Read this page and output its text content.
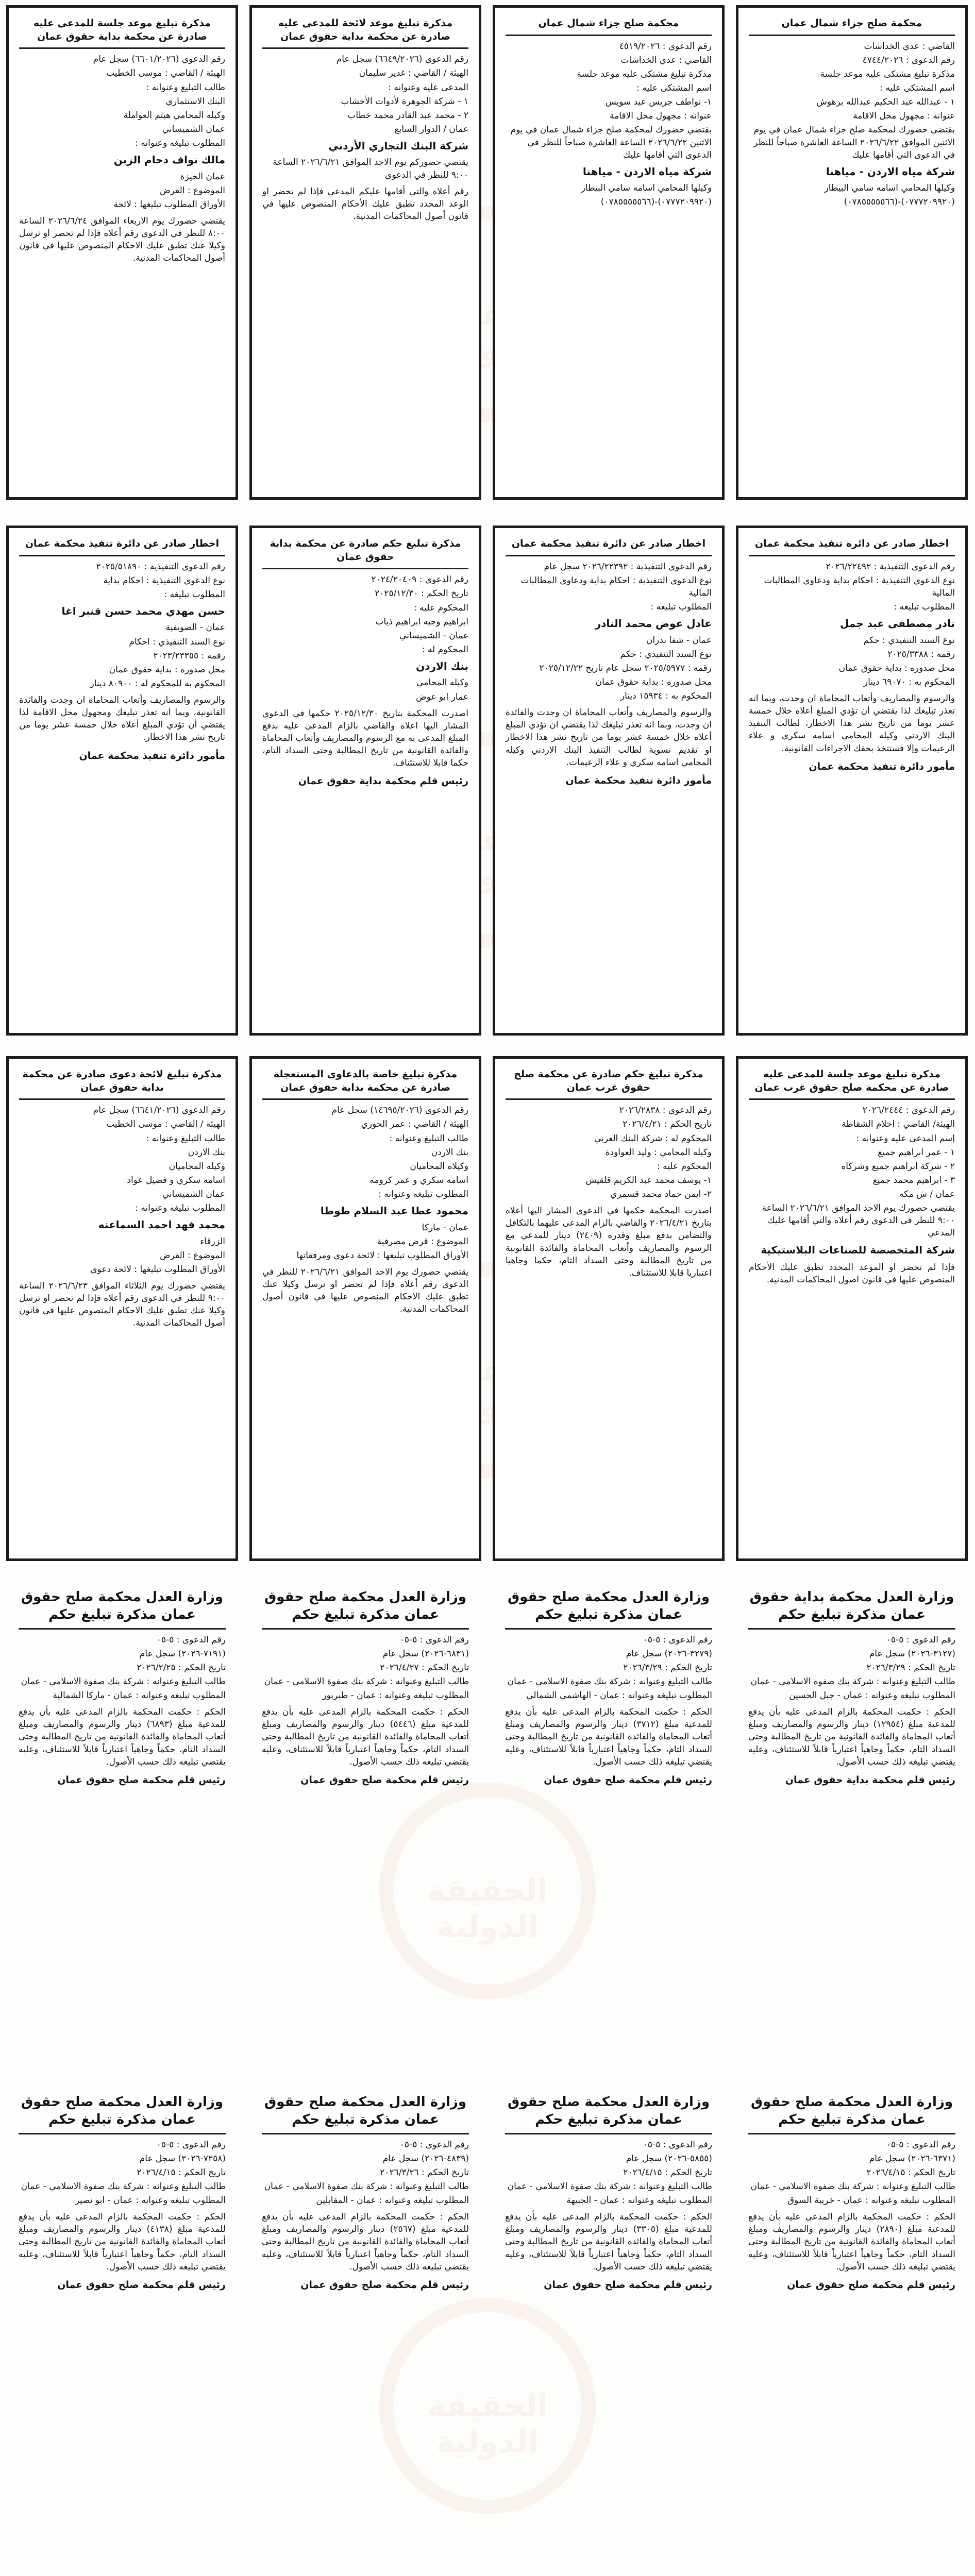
الحقيقة الدولية
الحقيقة الدولية
الحقيقة الدولية
الحقيقة الدولية
الحقيقة الدولية
مذكرة تبليغ موعد جلسة للمدعى عليه صادرة عن محكمة بداية حقوق عمان
رقم الدعوى (٦٦٠١/٢٠٢٦) سجل عام
الهيئة / القاضي : موسى الخطيب
طالب التبليغ وعنوانه :
البنك الاستثماري
وكيله المحامي هيثم العواملة
عمان الشميساني
المطلوب تبليغه وعنوانه :
مالك نواف دحام الزبن
عمان الجيزة
الموضوع : القرض
الأوراق المطلوب تبليغها : لائحة
يقتضي حضورك يوم الاربعاء الموافق ٢٠٢٦/٦/٢٤ الساعة ٨:٠٠ للنظر في الدعوى رقم أعلاه فإذا لم تحضر او ترسل وكيلا عنك تطبق عليك الاحكام المنصوص عليها في قانون أصول المحاكمات المدنية.
مذكرة تبليغ موعد لائحة للمدعى عليه صادرة عن محكمة بداية حقوق عمان
رقم الدعوى (٦٦٤٩/٢٠٢٦) سجل عام
الهيئة / القاضي : غدير سليمان
المدعى عليه وعنوانه :
١ - شركة الجوهرة لأدوات الأخشاب
٢ - محمد عبد القادر محمد خطاب
عمان / الدوار السابع
شركة البنك التجاري الأردني
يقتضي حضوركم يوم الاحد الموافق ٢٠٢٦/٦/٢١ الساعة ٩:٠٠ للنظر في الدعوى
رقم أعلاه والتي أقامها عليكم المدعي فإذا لم تحضر او الوعد المحدد تطبق عليك الأحكام المنصوص عليها في قانون أصول المحاكمات المدنية.
محكمة صلح جزاء شمال عمان
رقم الدعوى : ٤٥١٩/٢٠٢٦
القاضي : عدي الخداشات
مذكرة تبليغ مشتكى عليه موعد جلسة
اسم المشتكى عليه :
١- نواطف جريس عبد سويس
عنوانه : مجهول محل الاقامة
بقتضي حضورك لمحكمة صلح جزاء شمال عمان في يوم الاثنين ٢٠٢٦/٦/٢٢ الساعة العاشرة صباحاً للنظر في الدعوى التي أقامها عليك
شركة مياه الاردن - مياهنا
وكيلها المحامي اسامه سامي البيطار
(٠٧٧٧٢٠٩٩٢٠)-(٠٧٨٥٥٥٥٥٦٦)
محكمة صلح جزاء شمال عمان
القاضي : عدي الخداشات
رقم الدعوى : ٤٧٤٤/٢٠٢٦
مذكرة تبليغ مشتكى عليه موعد جلسة
اسم المشتكى عليه :
١ - عبدالله عبد الحكيم عبدالله برهوش
عنوانه : مجهول محل الاقامة
بقتضي حضورك لمحكمة صلح جزاء شمال عمان في يوم الاثنين الموافق ٢٠٢٦/٦/٢٢ الساعة العاشرة صباحاً للنظر في الدعوى التي أقامها عليك
شركة مياه الاردن - مياهنا
وكيلها المحامي اسامه سامي البيطار
(٠٧٧٧٢٠٩٩٢٠)-(٠٧٨٥٥٥٥٥٦٦)
اخطار صادر عن دائرة تنفيذ محكمة عمان
رقم الدعوى التنفيذية : ٢٠٢٥/٥١٨٩٠
نوع الدعوى التنفيذية : احكام بداية
المطلوب تبليغه :
حسن مهدي محمد حسن قنبر اغا
عمان - الصويفية
نوع السند التنفيذي : احكام
رقمه : ٢٠٢٣/٢٣٣٥٥
محل صدوره : بداية حقوق عمان
المحكوم به للمحكوم له : ٨٠٩٠٠ دينار
والرسوم والمصاريف وأتعاب المحاماة ان وجدت والفائدة القانونية، وبما انه تعذر تبليغك ومجهول محل الاقامة لذا يقتضي أن تؤدي المبلغ أعلاه خلال خمسة عشر يوما من تاريخ نشر هذا الاخطار.
مأمور دائرة تنفيذ محكمة عمان
مذكرة تبليغ حكم صادرة عن محكمة بداية حقوق عمان
رقم الدعوى : ٢٠٢٤/٢٠٤٠٩
تاريخ الحكم : ٢٠٢٥/١٢/٣٠
المحكوم عليه :
ابراهيم وجيه ابراهيم ذياب
عمان - الشميساني
المحكوم له :
بنك الاردن
وكيله المحامي
عمار ابو عوض
اصدرت المحكمة بتاريخ ٢٠٢٥/١٢/٣٠ حكمها في الدعوى المشار اليها اعلاه والقاضي بالزام المدعى عليه بدفع المبلغ المدعى به مع الرسوم والمصاريف وأتعاب المحاماة والفائدة القانونية من تاريخ المطالبة وحتى السداد التام، حكما قابلا للاستئناف.
رئيس قلم محكمة بداية حقوق عمان
اخطار صادر عن دائرة تنفيذ محكمة عمان
رقم الدعوى التنفيذية : ٢٠٢٦/٢٢٣٩٢ سجل عام
نوع الدعوى التنفيذية : احكام بداية ودعاوى المطالبات المالية
المطلوب تبليغه :
عادل عوض محمد النادر
عمان - شفا بدران
نوع السند التنفيذي : حكم
رقمه : ٢٠٢٥/٥٩٧٧ سجل عام تاريخ ٢٠٢٥/١٢/٢٢
محل صدوره : بداية حقوق عمان
المحكوم به : ١٥٩٣٤ دينار
والرسوم والمصاريف وأتعاب المحاماة ان وجدت والفائدة ان وجدت، وبما انه تعذر تبليغك لذا يقتضي ان تؤدي المبلغ أعلاه خلال خمسة عشر يوما من تاريخ نشر هذا الاخطار او تقديم تسوية لطالب التنفيذ البنك الاردني وكيله المحامي اسامه سكري و علاء الرعيمات.
مأمور دائرة تنفيذ محكمة عمان
اخطار صادر عن دائرة تنفيذ محكمة عمان
رقم الدعوى التنفيذية : ٢٠٢٦/٢٢٤٩٢
نوع الدعوى التنفيذية : احكام بداية ودعاوى المطالبات المالية
المطلوب تبليغه :
نادر مصطفى عبد جمل
نوع السند التنفيذي : حكم
رقمه : ٢٠٢٥/٣٣٨٨
محل صدوره : بداية حقوق عمان
المحكوم به : ٦٩٠٧٠ دينار
والرسوم والمصاريف وأتعاب المحاماة ان وجدت، وبما انه تعذر تبليغك لذا يقتضي أن تؤدي المبلغ أعلاه خلال خمسة عشر يوما من تاريخ نشر هذا الاخطار، لطالب التنفيذ البنك الاردني وكيله المحامي اسامه سكري و علاء الرعيمات وإلا فستتخذ بحقك الاجراءات القانونية.
مأمور دائرة تنفيذ محكمة عمان
مذكرة تبليغ لائحة دعوى صادرة عن محكمة بداية حقوق عمان
رقم الدعوى (٦٦٤١/٢٠٢٦) سجل عام
الهيئة / القاضي : موسى الخطيب
طالب التبليغ وعنوانه :
بنك الاردن
وكيله المحاميان
اسامه سكري و فضيل عواد
عمان الشميساني
المطلوب تبليغه وعنوانه :
محمد فهد احمد السماعنه
الزرقاء
الموضوع : القرض
الأوراق المطلوب تبليغها : لائحة دعوى
يقتضي حضورك يوم الثلاثاء الموافق ٢٠٢٦/٦/٢٣ الساعة ٩:٠٠ للنظر في الدعوى رقم أعلاه فإذا لم تحضر او ترسل وكيلا عنك تطبق عليك الاحكام المنصوص عليها في قانون أصول المحاكمات المدنية.
مذكرة تبليغ خاصة بالدعاوى المستعجلة صادرة عن محكمة بداية حقوق عمان
رقم الدعوى (١٤٦٩٥/٢٠٢٦) سجل عام
الهيئة / القاضي : عمر الحوري
طالب التبليغ وعنوانه :
بنك الاردن
وكيلاه المحاميان
اسامه سكري و عمر كرومه
المطلوب تبليغه وعنوانه :
محمود عطا عبد السلام طوطا
عمان - ماركا
الموضوع : قرض مصرفية
الأوراق المطلوب تبليغها : لائحة دعوى ومرفقاتها
يقتضي حضورك يوم الاحد الموافق ٢٠٢٦/٦/٢١ للنظر في الدعوى رقم أعلاه فإذا لم تحضر او ترسل وكيلا عنك تطبق عليك الاحكام المنصوص عليها في قانون أصول المحاكمات المدنية.
مذكرة تبليغ حكم صادرة عن محكمة صلح حقوق غرب عمان
رقم الدعوى : ٢٠٢٦/٢٨٣٨
تاريخ الحكم : ٢٠٢٦/٤/٢١
المحكوم له : شركة البنك العربي
وكيله المحامي : وليد العواودة
المحكوم عليه :
١- يوسف محمد عبد الكريم قلقيش
٢- ايمن حماد محمد قسمري
اصدرت المحكمة حكمها في الدعوى المشار اليها أعلاه بتاريخ ٢٠٢٦/٤/٢١ والقاضي بالزام المدعى عليهما بالتكافل والتضامن بدفع مبلغ وقدره (٢٤٠٩) دينار للمدعي مع الرسوم والمصاريف وأتعاب المحاماة والفائدة القانونية من تاريخ المطالبة وحتى السداد التام، حكما وجاهيا اعتباريا قابلا للاستئناف.
مذكرة تبليغ موعد جلسة للمدعى عليه صادرة عن محكمة صلح حقوق غرب عمان
رقم الدعوى : ٢٠٢٦/٢٤٤٤
الهيئة/ القاضي : احلام الشقاطة
إسم المدعى عليه وعنوانه :
١ - عمر ابراهيم جميع
٢ - شركة ابراهيم جميع وشركاه
٣ - ابراهيم محمد جميع
عمان / ش مكه
يقتضي حضورك يوم الاحد الموافق ٢٠٢٦/٦/٢١ الساعة ٩:٠٠ للنظر في الدعوى رقم أعلاه والتي أقامها عليك المدعي
شركة المتخصصة للصناعات البلاستيكية
فإذا لم تحضر او الموعد المحدد تطبق عليك الأحكام المنصوص عليها في قانون اصول المحاكمات المدنية.
وزارة العدل محكمة صلح حقوق عمان مذكرة تبليغ حكم
رقم الدعوى : ٥-٠٥
(٧١٩١-٢٠٢٦) سجل عام
تاريخ الحكم : ٢٠٢٦/٢/٢٥
طالب التبليغ وعنوانه : شركة بنك صفوة الاسلامي - عمان
المطلوب تبليغه وعنوانه : عمان - ماركا الشمالية
الحكم : حكمت المحكمة بالزام المدعى عليه بأن يدفع للمدعية مبلغ (٦٨٩٣) دينار والرسوم والمصاريف ومبلغ أتعاب المحاماة والفائدة القانونية من تاريخ المطالبة وحتى السداد التام، حكماً وجاهياً اعتبارياً قابلاً للاستئناف، وعليه يقتضي تبليغه ذلك حسب الأصول.
رئيس قلم محكمة صلح حقوق عمان
وزارة العدل محكمة صلح حقوق عمان مذكرة تبليغ حكم
رقم الدعوى : ٥-٠٥
(٦٨٣١-٢٠٢٦) سجل عام
تاريخ الحكم : ٢٠٢٦/٤/٢٧
طالب التبليغ وعنوانه : شركة بنك صفوة الاسلامي - عمان
المطلوب تبليغه وعنوانه : عمان - طبربور
الحكم : حكمت المحكمة بالزام المدعى عليه بأن يدفع للمدعية مبلغ (٥٤٤٦) دينار والرسوم والمصاريف ومبلغ أتعاب المحاماة والفائدة القانونية من تاريخ المطالبة وحتى السداد التام، حكماً وجاهياً اعتبارياً قابلاً للاستئناف، وعليه يقتضي تبليغه ذلك حسب الأصول.
رئيس قلم محكمة صلح حقوق عمان
وزارة العدل محكمة صلح حقوق عمان مذكرة تبليغ حكم
رقم الدعوى : ٥-٠٥
(٣٢٧٩-٢٠٢٦) سجل عام
تاريخ الحكم : ٢٠٢٦/٣/٢٩
طالب التبليغ وعنوانه : شركة بنك صفوة الاسلامي - عمان
المطلوب تبليغه وعنوانه : عمان - الهاشمي الشمالي
الحكم : حكمت المحكمة بالزام المدعى عليه بأن يدفع للمدعية مبلغ (٣٧١٢) دينار والرسوم والمصاريف ومبلغ أتعاب المحاماة والفائدة القانونية من تاريخ المطالبة وحتى السداد التام، حكماً وجاهياً اعتبارياً قابلاً للاستئناف، وعليه يقتضي تبليغه ذلك حسب الأصول.
رئيس قلم محكمة صلح حقوق عمان
وزارة العدل محكمة بداية حقوق عمان مذكرة تبليغ حكم
رقم الدعوى : ٥-٠٥
(٣١٢٧-٢٠٢٦) سجل عام
تاريخ الحكم : ٢٠٢٦/٣/٢٩
طالب التبليغ وعنوانه : شركة بنك صفوة الاسلامي - عمان
المطلوب تبليغه وعنوانه : عمان - جبل الحسين
الحكم : حكمت المحكمة بالزام المدعى عليه بأن يدفع للمدعية مبلغ (١٢٩٥٤) دينار والرسوم والمصاريف ومبلغ أتعاب المحاماة والفائدة القانونية من تاريخ المطالبة وحتى السداد التام، حكماً وجاهياً اعتبارياً قابلاً للاستئناف، وعليه يقتضي تبليغه ذلك حسب الأصول.
رئيس قلم محكمة بداية حقوق عمان
وزارة العدل محكمة صلح حقوق عمان مذكرة تبليغ حكم
رقم الدعوى : ٥-٠٥
(٧٢٥٨-٢٠٢٦) سجل عام
تاريخ الحكم : ٢٠٢٦/٤/١٥
طالب التبليغ وعنوانه : شركة بنك صفوة الاسلامي - عمان
المطلوب تبليغه وعنوانه : عمان - ابو نصير
الحكم : حكمت المحكمة بالزام المدعى عليه بأن يدفع للمدعية مبلغ (٤١٣٨) دينار والرسوم والمصاريف ومبلغ أتعاب المحاماة والفائدة القانونية من تاريخ المطالبة وحتى السداد التام، حكماً وجاهياً اعتبارياً قابلاً للاستئناف، وعليه يقتضي تبليغه ذلك حسب الأصول.
رئيس قلم محكمة صلح حقوق عمان
وزارة العدل محكمة صلح حقوق عمان مذكرة تبليغ حكم
رقم الدعوى : ٥-٠٥
(٤٨٣٩-٢٠٢٦) سجل عام
تاريخ الحكم : ٢٠٢٦/٣/٢٦
طالب التبليغ وعنوانه : شركة بنك صفوة الاسلامي - عمان
المطلوب تبليغه وعنوانه : عمان - المقابلين
الحكم : حكمت المحكمة بالزام المدعى عليه بأن يدفع للمدعية مبلغ (٢٥٦٧) دينار والرسوم والمصاريف ومبلغ أتعاب المحاماة والفائدة القانونية من تاريخ المطالبة وحتى السداد التام، حكماً وجاهياً اعتبارياً قابلاً للاستئناف، وعليه يقتضي تبليغه ذلك حسب الأصول.
رئيس قلم محكمة صلح حقوق عمان
وزارة العدل محكمة صلح حقوق عمان مذكرة تبليغ حكم
رقم الدعوى : ٥-٠٥
(٥٨٥٥-٢٠٢٦) سجل عام
تاريخ الحكم : ٢٠٢٦/٤/١٥
طالب التبليغ وعنوانه : شركة بنك صفوة الاسلامي - عمان
المطلوب تبليغه وعنوانه : عمان - الجبيهة
الحكم : حكمت المحكمة بالزام المدعى عليه بأن يدفع للمدعية مبلغ (٣٣٠٥) دينار والرسوم والمصاريف ومبلغ أتعاب المحاماة والفائدة القانونية من تاريخ المطالبة وحتى السداد التام، حكماً وجاهياً اعتبارياً قابلاً للاستئناف، وعليه يقتضي تبليغه ذلك حسب الأصول.
رئيس قلم محكمة صلح حقوق عمان
وزارة العدل محكمة صلح حقوق عمان مذكرة تبليغ حكم
رقم الدعوى : ٥-٠٥
(٦٣٧١-٢٠٢٦) سجل عام
تاريخ الحكم : ٢٠٢٦/٤/١٥
طالب التبليغ وعنوانه : شركة بنك صفوة الاسلامي - عمان
المطلوب تبليغه وعنوانه : عمان - خريبة السوق
الحكم : حكمت المحكمة بالزام المدعى عليه بأن يدفع للمدعية مبلغ (٢٨٩٠) دينار والرسوم والمصاريف ومبلغ أتعاب المحاماة والفائدة القانونية من تاريخ المطالبة وحتى السداد التام، حكماً وجاهياً اعتبارياً قابلاً للاستئناف، وعليه يقتضي تبليغه ذلك حسب الأصول.
رئيس قلم محكمة صلح حقوق عمان
